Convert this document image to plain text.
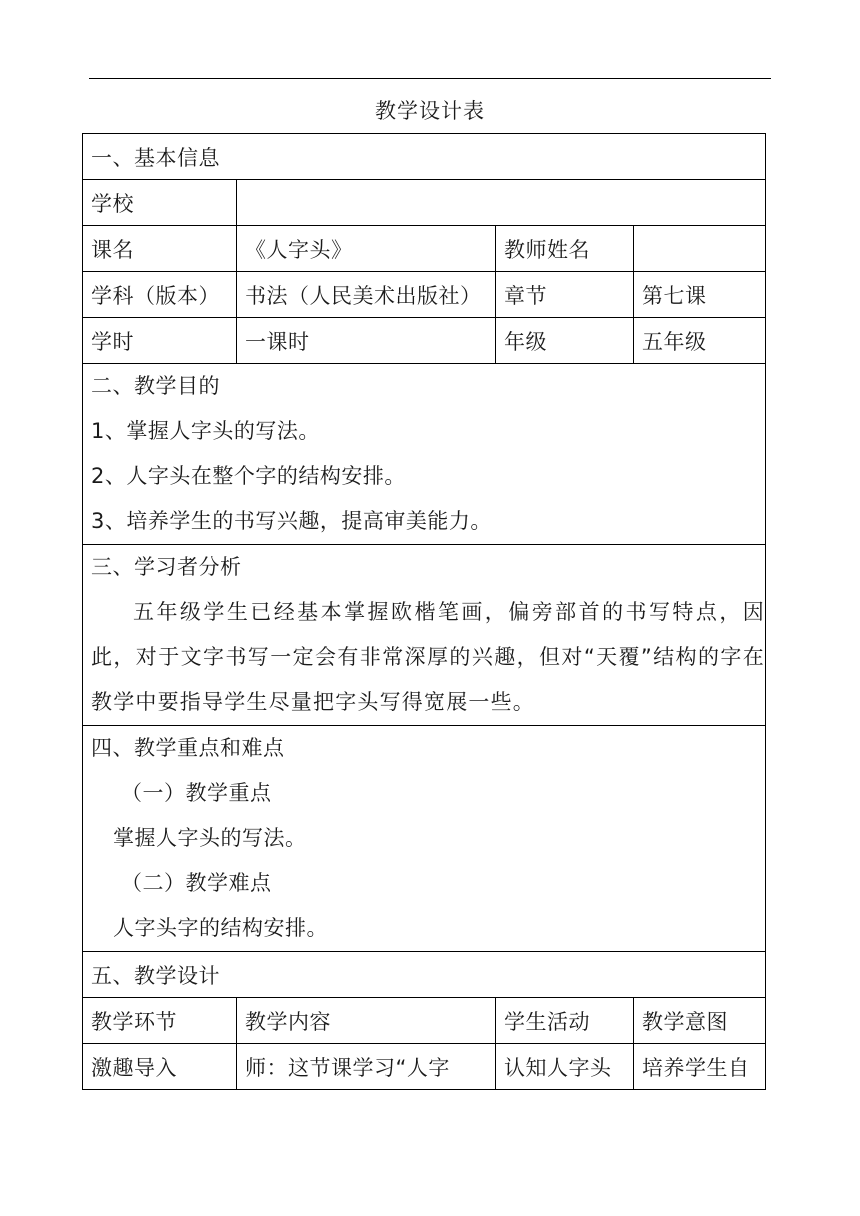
教学设计表
一、基本信息			
学校			
课名	《人字头》	教师姓名	
学科（版本）	书法（人民美术出版社）	章节	第七课
学时	一课时	年级	五年级

二、教学目的
1、掌握人字头的写法。
2、人字头在整个字的结构安排。
3、培养学生的书写兴趣，提高审美能力。			

三、学习者分析
五年级学生已经基本掌握欧楷笔画，偏旁部首的书写特点，因此，对于文字书写一定会有非常深厚的兴趣，但对“天覆”结构的字在教学中要指导学生尽量把字头写得宽展一些。			

四、教学重点和难点
（一）教学重点
掌握人字头的写法。
（二）教学难点
人字头字的结构安排。			

五、教学设计			
教学环节	教学内容	学生活动	教学意图
激趣导入	师：这节课学习“人字	认知人字头	培养学生自
